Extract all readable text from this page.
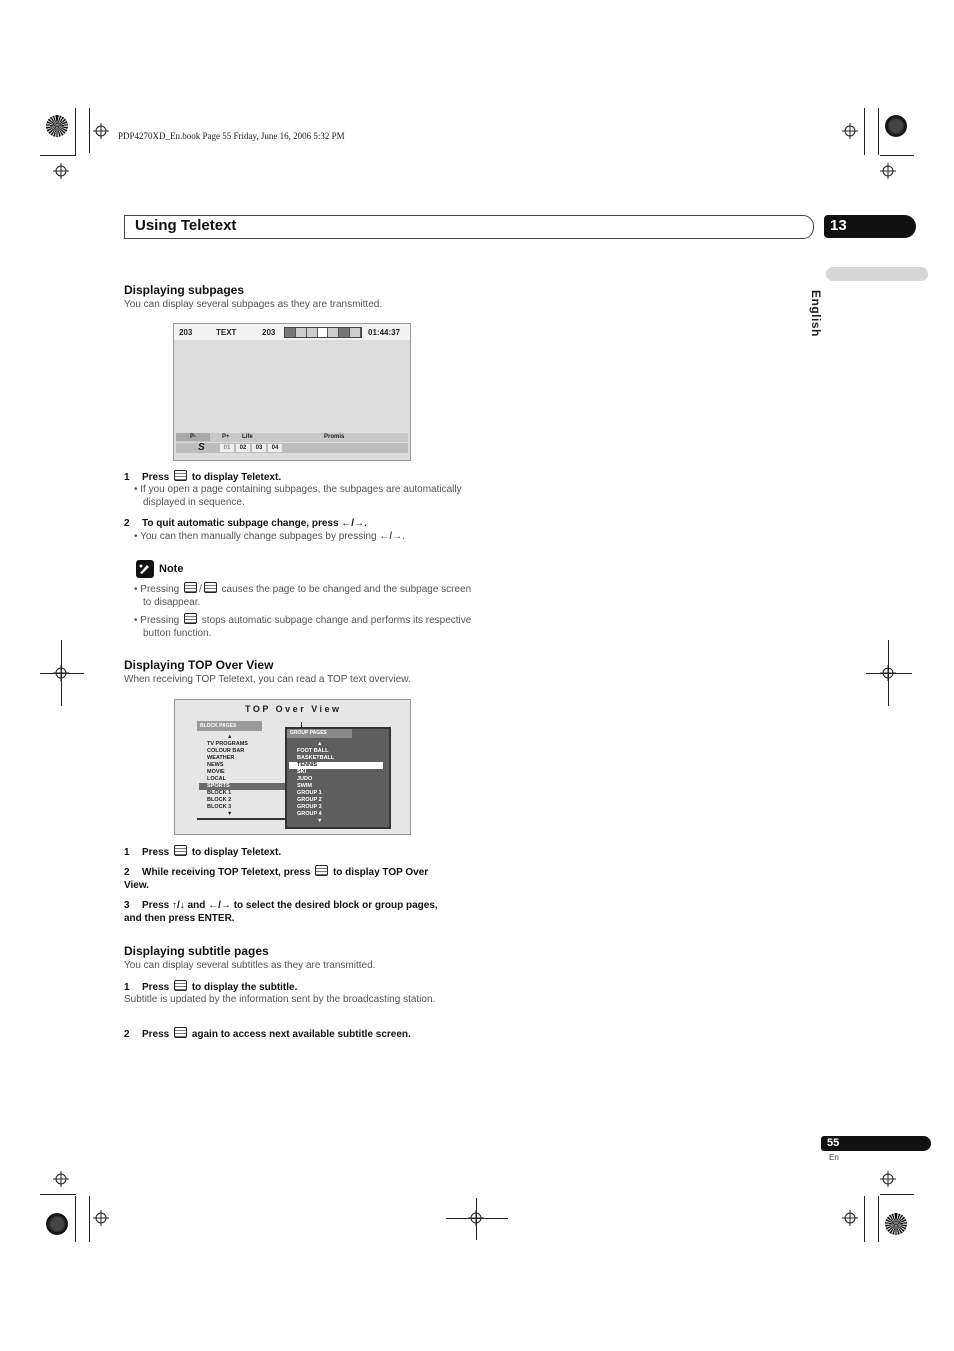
PDP4270XD_En.book Page 55 Friday, June 16, 2006 5:32 PM
Using Teletext	13
English
Displaying subpages
You can display several subpages as they are transmitted.
203	TEXT	203	01:44:37
P-	P+ Life	Promis
S	01	02	03	04
1 Press to display Teletext.
• If you open a page containing subpages, the subpages are automatically displayed in sequence.
2 To quit automatic subpage change, press ←/→.
• You can then manually change subpages by pressing ←/→.
Note
• Pressing / causes the page to be changed and the subpage screen to disappear.
• Pressing stops automatic subpage change and performs its respective button function.
Displaying TOP Over View
When receiving TOP Teletext, you can read a TOP text overview.
TOP Over View
BLOCK PAGES
▲
TV PROGRAMS
COLOUR BAR
WEATHER
NEWS
MOVIE
LOCAL
SPORTS
BLOCK 1
BLOCK 2
BLOCK 3
▼
GROUP PAGES
▲
FOOT BALL
BASKETBALL
TENNIS
SKI
JUDO
SWIM
GROUP 1
GROUP 2
GROUP 3
GROUP 4
▼
1 Press to display Teletext.
2 While receiving TOP Teletext, press to display TOP Over View.
3 Press ↑/↓ and ←/→ to select the desired block or group pages, and then press ENTER.
Displaying subtitle pages
You can display several subtitles as they are transmitted.
1 Press to display the subtitle.
Subtitle is updated by the information sent by the broadcasting station.
2 Press again to access next available subtitle screen.
55
En
